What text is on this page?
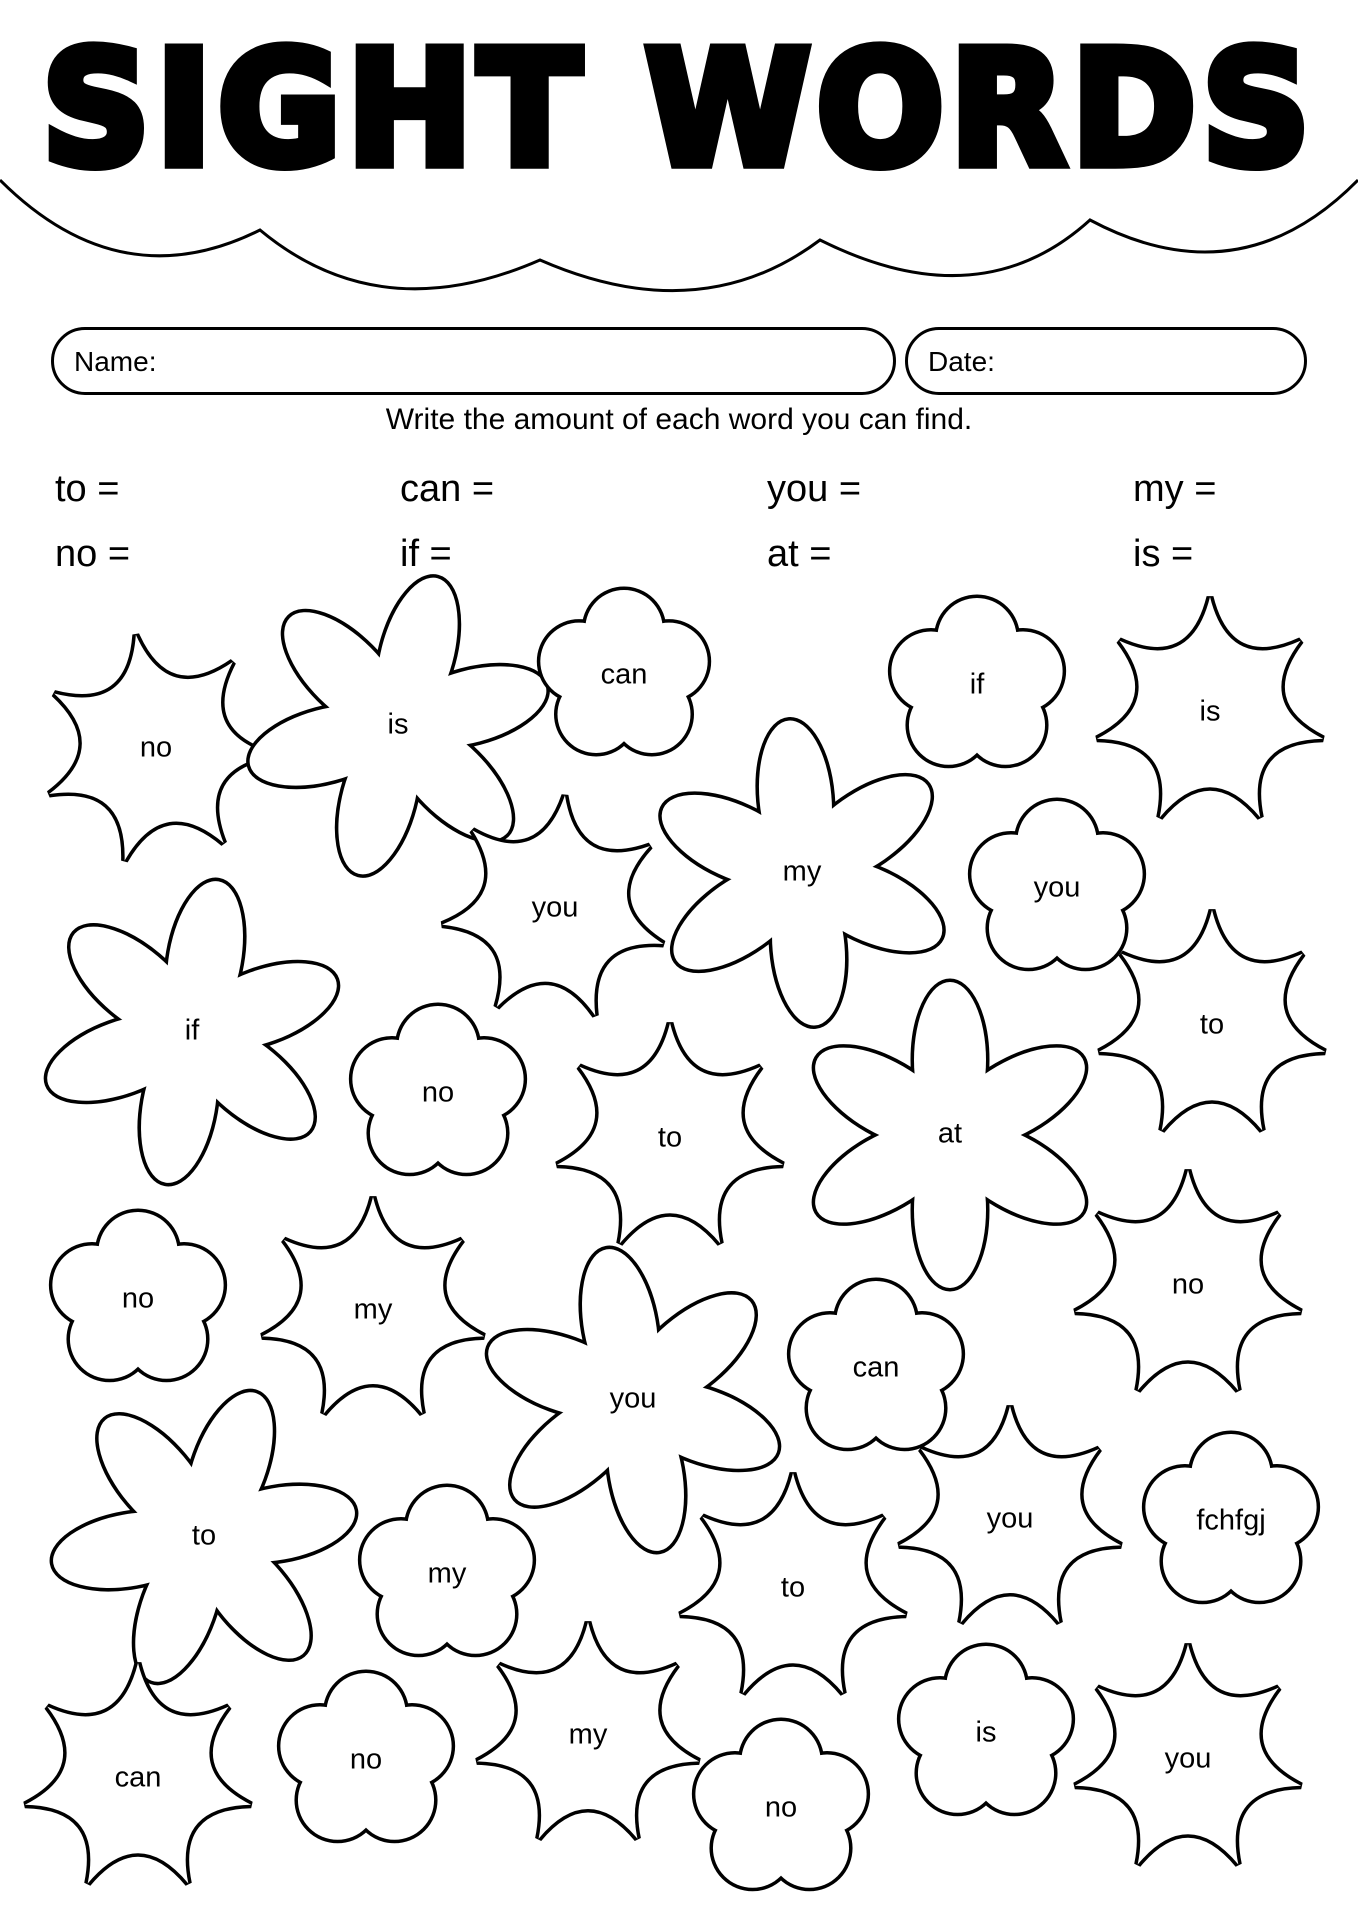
SIGHT WORDS
Name:	Date:
Write the amount of each word you can find.
to =	can =	you =	my =
no =	if =	at =	is =
no
is
can	if
is
you
my	you
if	to
no
to	at
no	my
no
can
you
to
my	to
you	fchfgj
can
no
my
no
is
you
